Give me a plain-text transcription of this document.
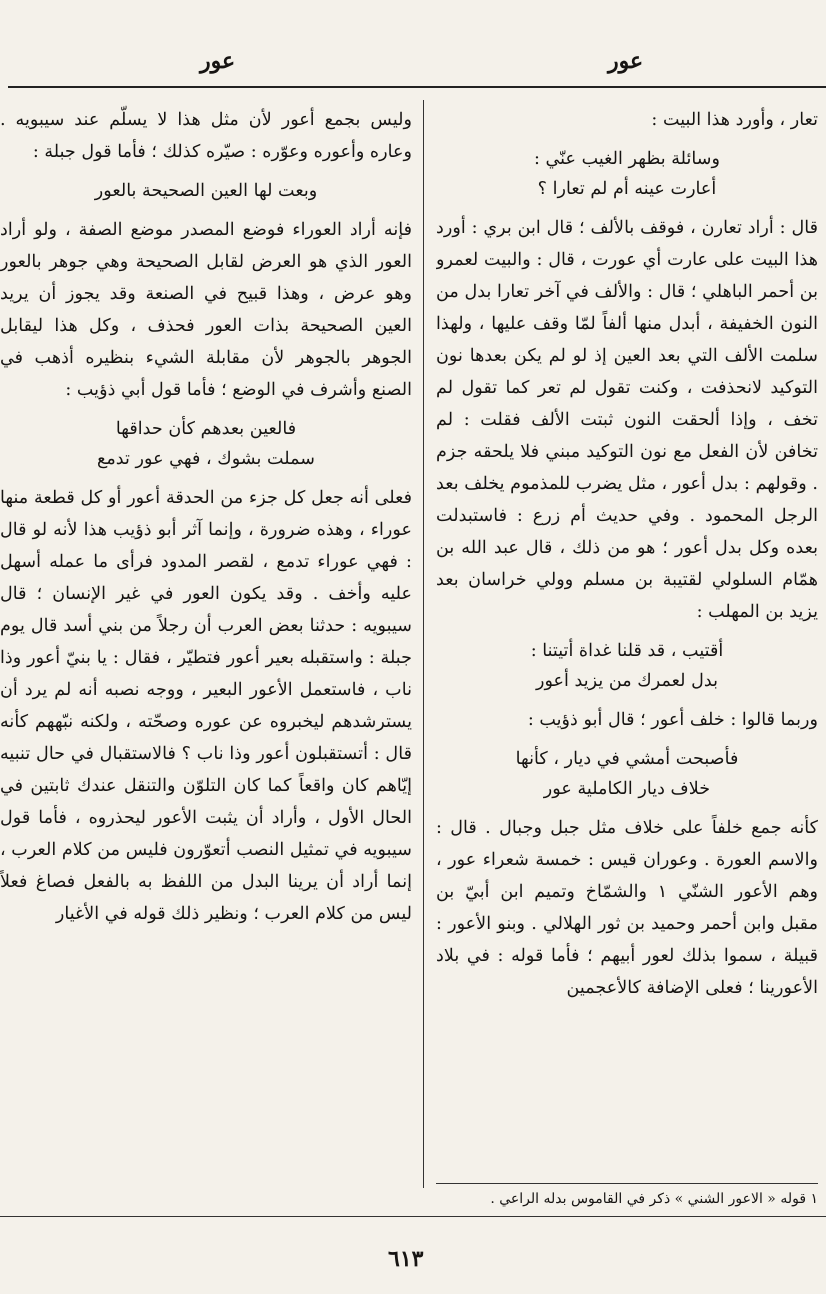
عور
عور

تعار ، وأورد هذا البيت :

وسائلة بظهر الغيب عنّي :
أعارت عينه أم لم تعارا ؟

قال : أراد تعارن ، فوقف بالألف ؛ قال ابن بري : أورد هذا البيت على عارت أي عورت ، قال : والبيت لعمرو بن أحمر الباهلي ؛ قال : والألف في آخر تعارا بدل من النون الخفيفة ، أبدل منها ألفاً لمّا وقف عليها ، ولهذا سلمت الألف التي بعد العين إذ لو لم يكن بعدها نون التوكيد لانحذفت ، وكنت تقول لم تعر كما تقول لم تخف ، وإذا ألحقت النون ثبتت الألف فقلت : لم تخافن لأن الفعل مع نون التوكيد مبني فلا يلحقه جزم . وقولهم : بدل أعور ، مثل يضرب للمذموم يخلف بعد الرجل المحمود . وفي حديث أم زرع : فاستبدلت بعده وكل بدل أعور ؛ هو من ذلك ، قال عبد الله بن همّام السلولي لقتيبة بن مسلم وولي خراسان بعد يزيد بن المهلب :

أقتيب ، قد قلنا غداة أتيتنا :
بدل لعمرك من يزيد أعور

وربما قالوا : خلف أعور ؛ قال أبو ذؤيب :

فأصبحت أمشي في ديار ، كأنها
خلاف ديار الكاملية عور

كأنه جمع خلفاً على خلاف مثل جبل وجبال . قال : والاسم العورة . وعوران قيس : خمسة شعراء عور ، وهم الأعور الشنّي ١ والشمّاخ وتميم ابن أبيّ بن مقبل وابن أحمر وحميد بن ثور الهلالي . وبنو الأعور : قبيلة ، سموا بذلك لعور أبيهم ؛ فأما قوله : في بلاد الأعورينا ؛ فعلى الإضافة كالأعجمين

وليس بجمع أعور لأن مثل هذا لا يسلّم عند سيبويه . وعاره وأعوره وعوّره : صيّره كذلك ؛ فأما قول جبلة :

وبعت لها العين الصحيحة بالعور

فإنه أراد العوراء فوضع المصدر موضع الصفة ، ولو أراد العور الذي هو العرض لقابل الصحيحة وهي جوهر بالعور وهو عرض ، وهذا قبيح في الصنعة وقد يجوز أن يريد العين الصحيحة بذات العور فحذف ، وكل هذا ليقابل الجوهر بالجوهر لأن مقابلة الشيء بنظيره أذهب في الصنع وأشرف في الوضع ؛ فأما قول أبي ذؤيب :

فالعين بعدهم كأن حداقها
سملت بشوك ، فهي عور تدمع

فعلى أنه جعل كل جزء من الحدقة أعور أو كل قطعة منها عوراء ، وهذه ضرورة ، وإنما آثر أبو ذؤيب هذا لأنه لو قال : فهي عوراء تدمع ، لقصر المدود فرأى ما عمله أسهل عليه وأخف . وقد يكون العور في غير الإنسان ؛ قال سيبويه : حدثنا بعض العرب أن رجلاً من بني أسد قال يوم جبلة : واستقبله بعير أعور فتطيّر ، فقال : يا بنيّ أعور وذا ناب ، فاستعمل الأعور البعير ، ووجه نصبه أنه لم يرد أن يسترشدهم ليخبروه عن عوره وصحّته ، ولكنه نبّههم كأنه قال : أتستقبلون أعور وذا ناب ؟ فالاستقبال في حال تنبيه إيّاهم كان واقعاً كما كان التلوّن والتنقل عندك ثابتين في الحال الأول ، وأراد أن يثبت الأعور ليحذروه ، فأما قول سيبويه في تمثيل النصب أتعوّرون فليس من كلام العرب ، إنما أراد أن يرينا البدل من اللفظ به بالفعل فصاغ فعلاً ليس من كلام العرب ؛ ونظير ذلك قوله في الأغيار

١ قوله « الاعور الشني » ذكر في القاموس بدله الراعي .
٦١٣
